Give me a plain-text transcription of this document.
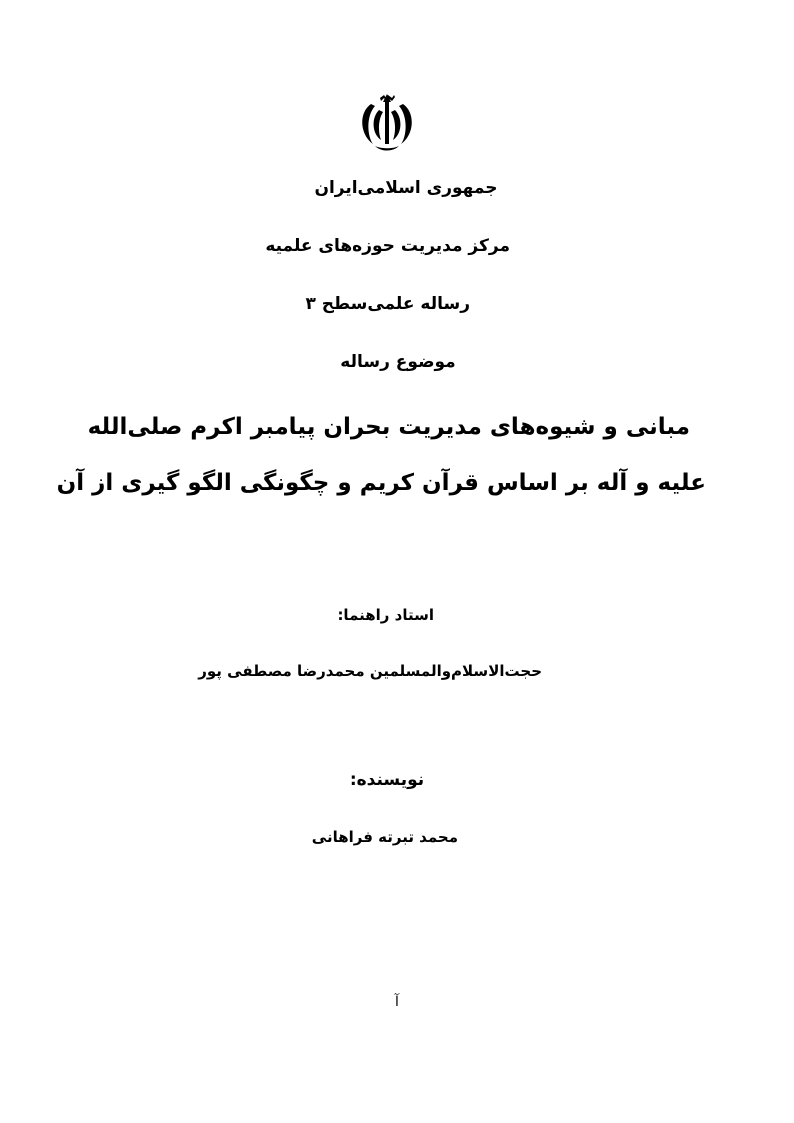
جمهوری اسلامی‌ایران
مرکز مدیریت حوزه‌های علمیه
رساله علمی‌سطح ۳
موضوع رساله
مبانی و شیوه‌های مدیریت بحران پیامبر اکرم صلی‌الله
علیه و آله بر اساس قرآن کریم و چگونگی الگو گیری از آن
استاد راهنما:
حجت‌الاسلام‌والمسلمین محمدرضا مصطفی پور
نویسنده:
محمد تبرته فراهانی
آ
